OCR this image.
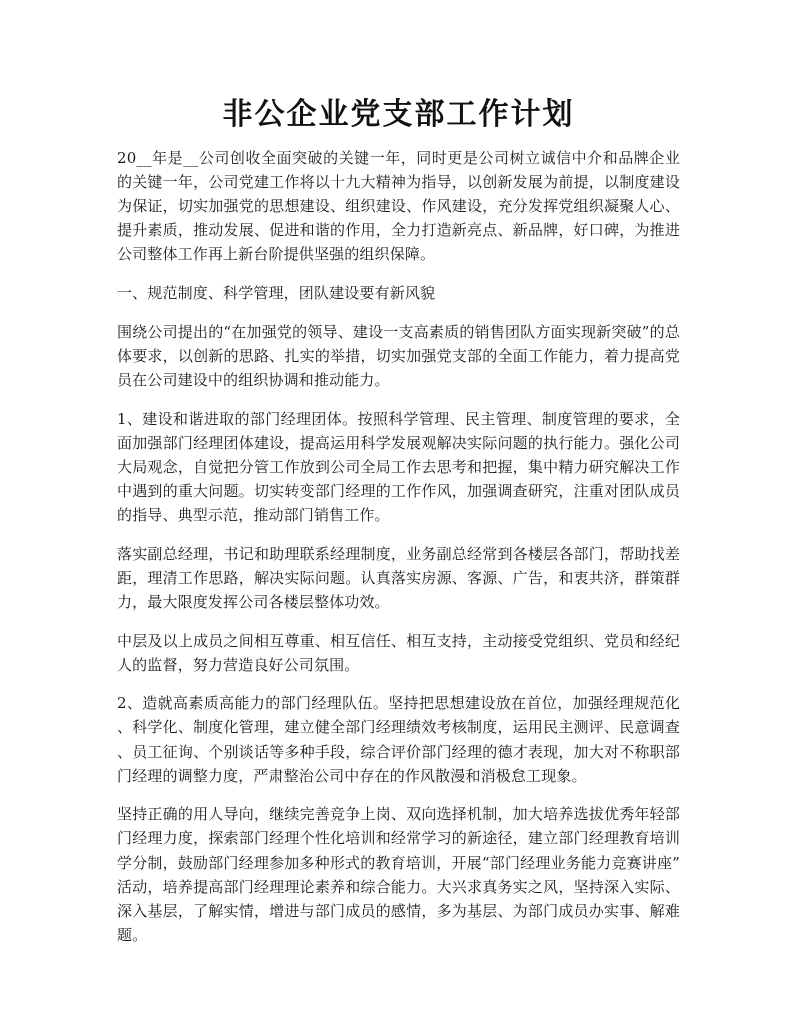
非公企业党支部工作计划

20__年是__公司创收全面突破的关键一年，同时更是公司树立诚信中介和品牌企业的关键一年，公司党建工作将以十九大精神为指导，以创新发展为前提，以制度建设为保证，切实加强党的思想建设、组织建设、作风建设，充分发挥党组织凝聚人心、提升素质，推动发展、促进和谐的作用，全力打造新亮点、新品牌，好口碑，为推进公司整体工作再上新台阶提供坚强的组织保障。

一、规范制度、科学管理，团队建设要有新风貌

围绕公司提出的“在加强党的领导、建设一支高素质的销售团队方面实现新突破”的总体要求，以创新的思路、扎实的举措，切实加强党支部的全面工作能力，着力提高党员在公司建设中的组织协调和推动能力。

1、建设和谐进取的部门经理团体。按照科学管理、民主管理、制度管理的要求，全面加强部门经理团体建设，提高运用科学发展观解决实际问题的执行能力。强化公司大局观念，自觉把分管工作放到公司全局工作去思考和把握，集中精力研究解决工作中遇到的重大问题。切实转变部门经理的工作作风，加强调查研究，注重对团队成员的指导、典型示范，推动部门销售工作。

落实副总经理，书记和助理联系经理制度，业务副总经常到各楼层各部门，帮助找差距，理清工作思路，解决实际问题。认真落实房源、客源、广告，和衷共济，群策群力，最大限度发挥公司各楼层整体功效。

中层及以上成员之间相互尊重、相互信任、相互支持，主动接受党组织、党员和经纪人的监督，努力营造良好公司氛围。

2、造就高素质高能力的部门经理队伍。坚持把思想建设放在首位，加强经理规范化、科学化、制度化管理，建立健全部门经理绩效考核制度，运用民主测评、民意调查、员工征询、个别谈话等多种手段，综合评价部门经理的德才表现，加大对不称职部门经理的调整力度，严肃整治公司中存在的作风散漫和消极怠工现象。

坚持正确的用人导向，继续完善竞争上岗、双向选择机制，加大培养选拔优秀年轻部门经理力度，探索部门经理个性化培训和经常学习的新途径，建立部门经理教育培训学分制，鼓励部门经理参加多种形式的教育培训，开展“部门经理业务能力竞赛讲座”活动，培养提高部门经理理论素养和综合能力。大兴求真务实之风，坚持深入实际、深入基层，了解实情，增进与部门成员的感情，多为基层、为部门成员办实事、解难题。
